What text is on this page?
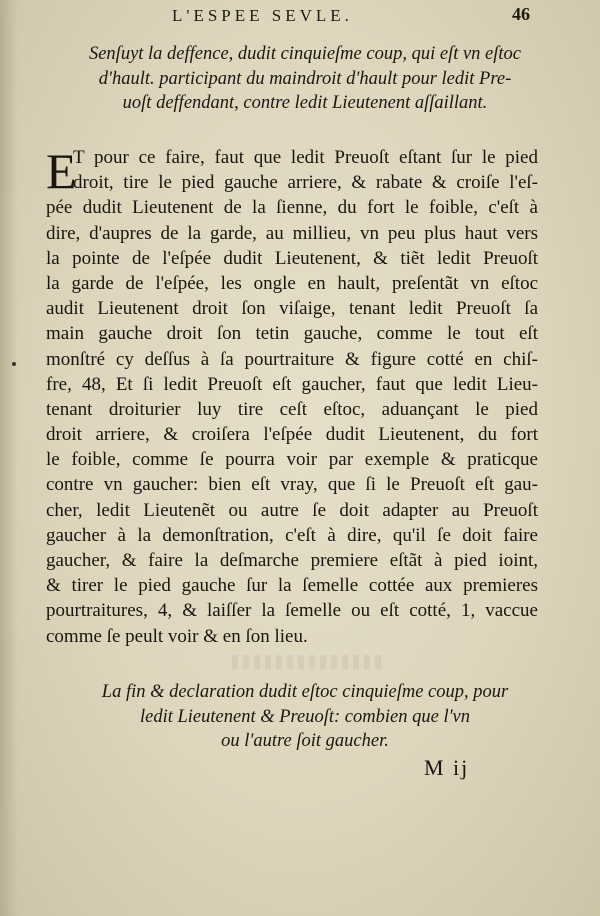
L'ESPEE SEVLE.	46
Senſuyt la deffence, dudit cinquieſme coup, qui eſt vn eſtoc
d'hault. participant du maindroit d'hault pour ledit Pre-
uoſt deffendant, contre ledit Lieutenent aſſaillant.
E
T pour ce faire, faut que ledit Preuoſt eſtant ſur le pied
droit, tire le pied gauche arriere, & rabate & croiſe l'eſ-
pée dudit Lieutenent de la ſienne, du fort le foible, c'eſt à
dire, d'aupres de la garde, au millieu, vn peu plus haut vers
la pointe de l'eſpée dudit Lieutenent, & tiẽt ledit Preuoſt
la garde de l'eſpée, les ongle en hault, preſentãt vn eſtoc
audit Lieutenent droit ſon viſaige, tenant ledit Preuoſt ſa
main gauche droit ſon tetin gauche, comme le tout eſt
monſtré cy deſſus à ſa pourtraiture & figure cotté en chiſ-
fre, 48, Et ſi ledit Preuoſt eſt gaucher, faut que ledit Lieu-
tenant droiturier luy tire ceſt eſtoc, aduançant le pied
droit arriere, & croiſera l'eſpée dudit Lieutenent, du fort
le foible, comme ſe pourra voir par exemple & praticque
contre vn gaucher: bien eſt vray, que ſi le Preuoſt eſt gau-
cher, ledit Lieutenẽt ou autre ſe doit adapter au Preuoſt
gaucher à la demonſtration, c'eſt à dire, qu'il ſe doit faire
gaucher, & faire la deſmarche premiere eſtãt à pied ioint,
& tirer le pied gauche ſur la ſemelle cottée aux premieres
pourtraitures, 4, & laiſſer la ſemelle ou eſt cotté, 1, vaccue
comme ſe peult voir & en ſon lieu.
La fin & declaration dudit eſtoc cinquieſme coup, pour
ledit Lieutenent & Preuoſt: combien que l'vn
ou l'autre ſoit gaucher.
M ij
